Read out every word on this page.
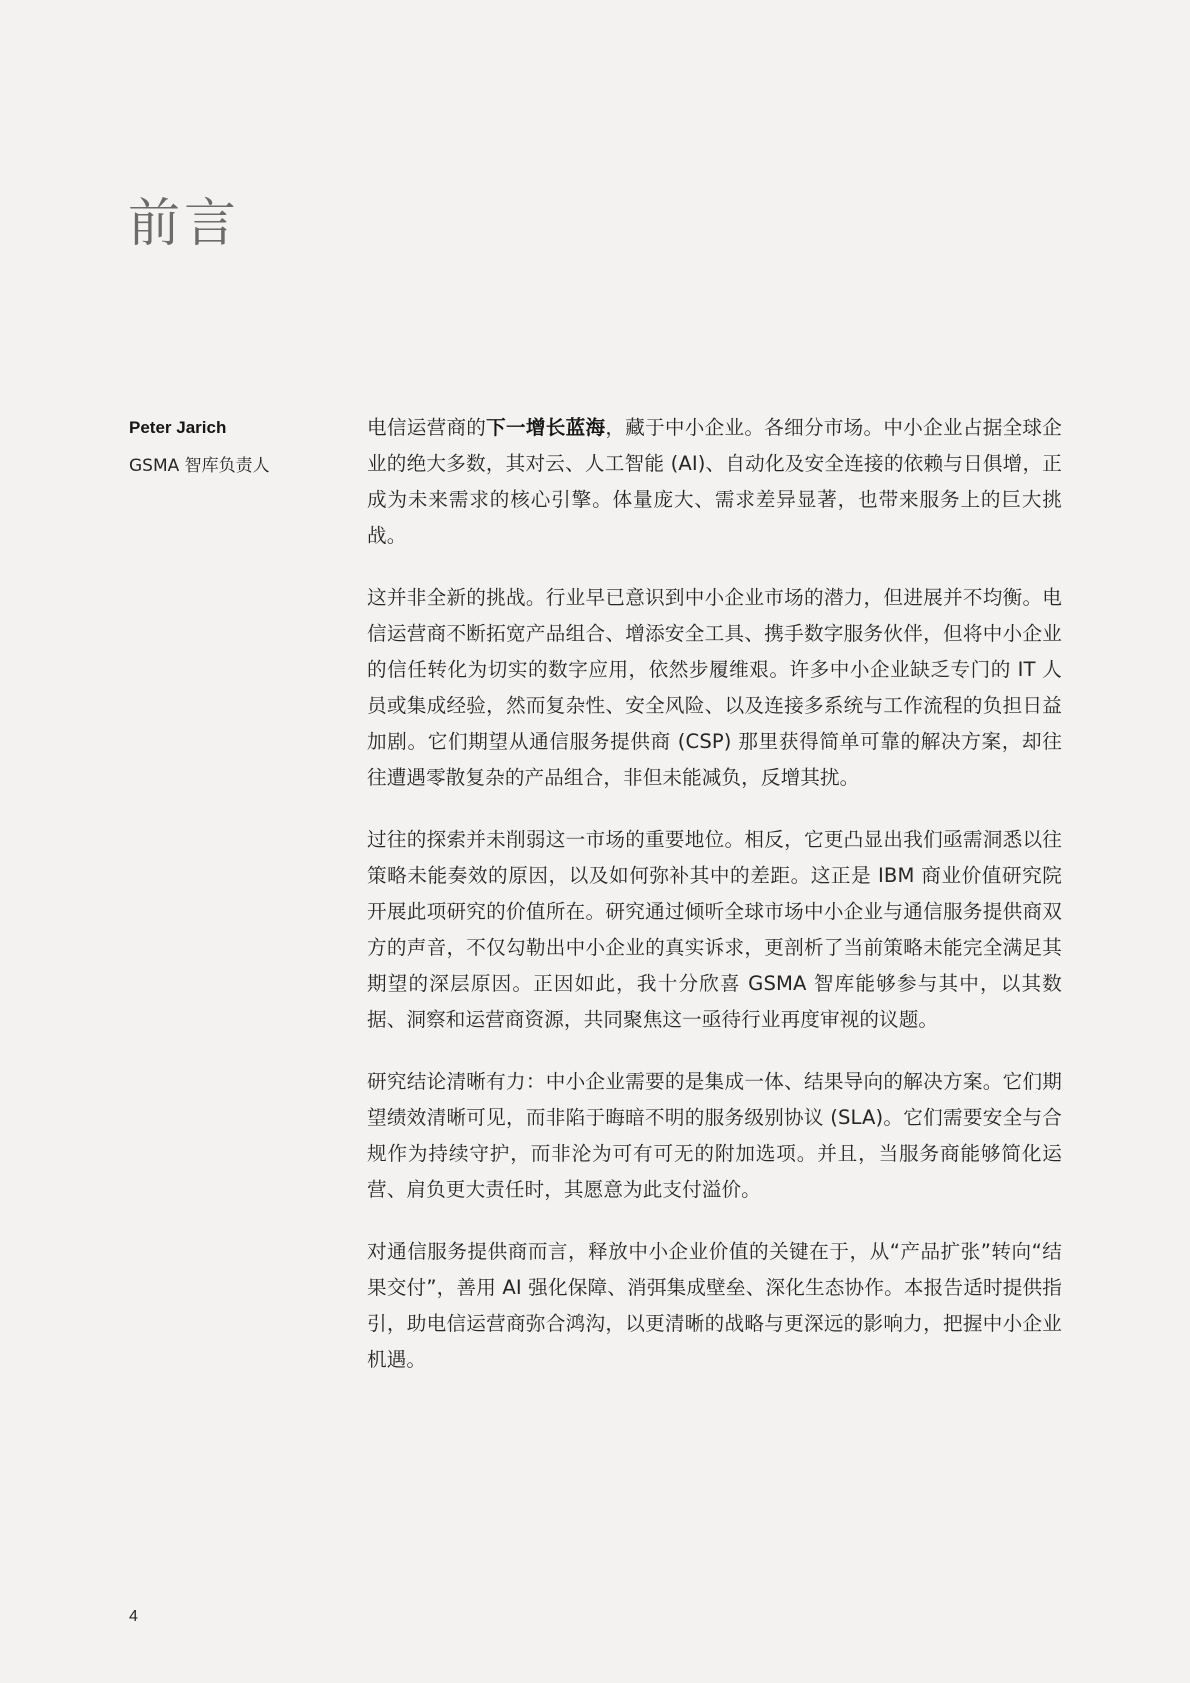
前言

Peter Jarich

GSMA 智库负责人

电信运营商的下一增长蓝海，藏于中小企业。各细分市场。中小企业占据全球企业的绝大多数，其对云、人工智能 (AI)、自动化及安全连接的依赖与日俱增，正成为未来需求的核心引擎。体量庞大、需求差异显著，也带来服务上的巨大挑战。

这并非全新的挑战。行业早已意识到中小企业市场的潜力，但进展并不均衡。电信运营商不断拓宽产品组合、增添安全工具、携手数字服务伙伴，但将中小企业的信任转化为切实的数字应用，依然步履维艰。许多中小企业缺乏专门的 IT 人员或集成经验，然而复杂性、安全风险、以及连接多系统与工作流程的负担日益加剧。它们期望从通信服务提供商 (CSP) 那里获得简单可靠的解决方案，却往往遭遇零散复杂的产品组合，非但未能减负，反增其扰。

过往的探索并未削弱这一市场的重要地位。相反，它更凸显出我们亟需洞悉以往策略未能奏效的原因，以及如何弥补其中的差距。这正是 IBM 商业价值研究院开展此项研究的价值所在。研究通过倾听全球市场中小企业与通信服务提供商双方的声音，不仅勾勒出中小企业的真实诉求，更剖析了当前策略未能完全满足其期望的深层原因。正因如此，我十分欣喜 GSMA 智库能够参与其中，以其数据、洞察和运营商资源，共同聚焦这一亟待行业再度审视的议题。

研究结论清晰有力：中小企业需要的是集成一体、结果导向的解决方案。它们期望绩效清晰可见，而非陷于晦暗不明的服务级别协议 (SLA)。它们需要安全与合规作为持续守护，而非沦为可有可无的附加选项。并且，当服务商能够简化运营、肩负更大责任时，其愿意为此支付溢价。

对通信服务提供商而言，释放中小企业价值的关键在于，从“产品扩张”转向“结果交付”，善用 AI 强化保障、消弭集成壁垒、深化生态协作。本报告适时提供指引，助电信运营商弥合鸿沟，以更清晰的战略与更深远的影响力，把握中小企业机遇。

4
